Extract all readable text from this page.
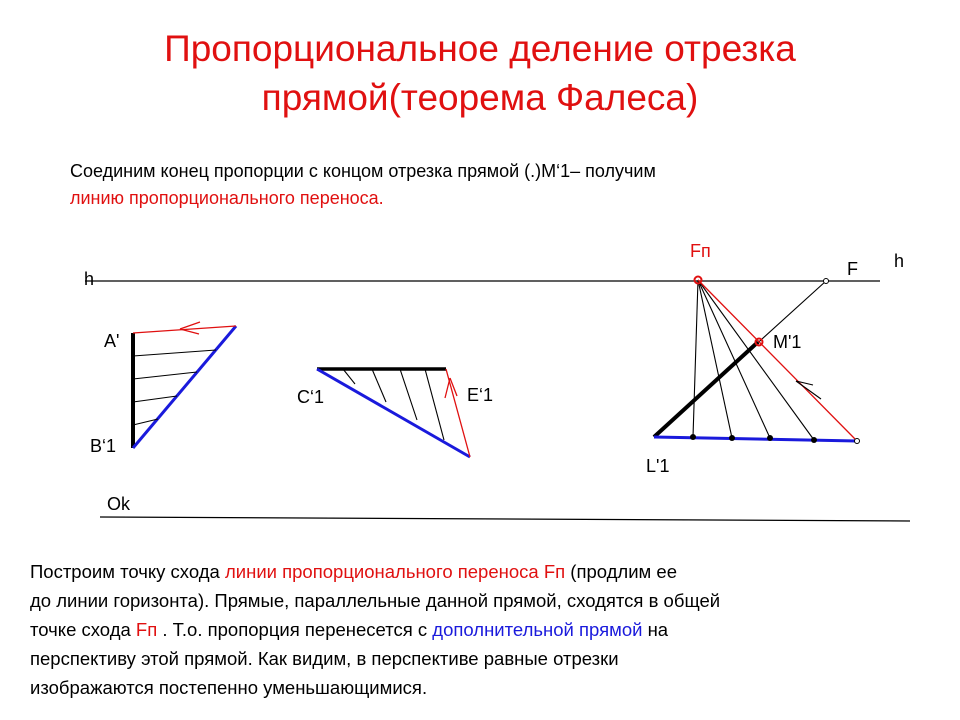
Пропорциональное деление отрезка
прямой(теорема Фалеса)
Соединим конец пропорции с концом отрезка прямой (.)M‘1– получим
линию пропорционального переноса.
h
h
A'
B‘1
C‘1	E‘1
Ok
Fп
F
M'1
L'1
Построим точку схода линии пропорционального переноса Fп (продлим ее
до линии горизонта). Прямые, параллельные данной прямой, сходятся в общей
точке схода Fп . Т.о. пропорция перенесется с дополнительной прямой на
перспективу этой прямой. Как видим, в перспективе равные отрезки
изображаются постепенно уменьшающимися.
